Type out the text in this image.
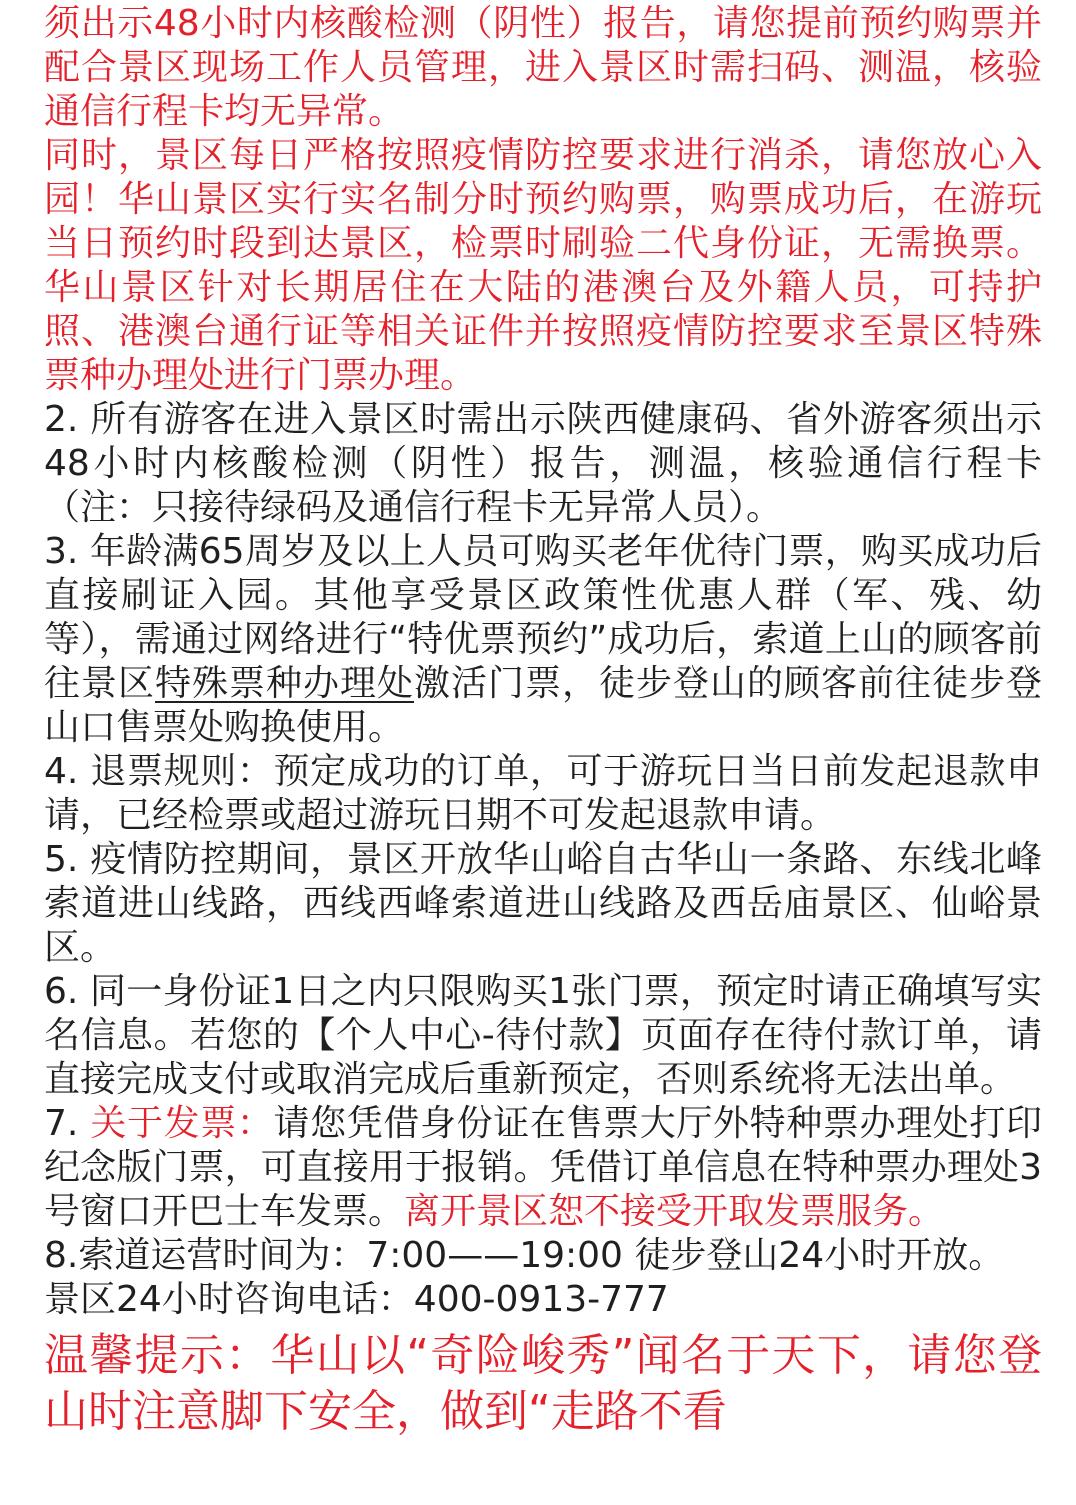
须出示48小时内核酸检测（阴性）报告，请您提前预约购票并配合景区现场工作人员管理，进入景区时需扫码、测温，核验通信行程卡均无异常。

同时，景区每日严格按照疫情防控要求进行消杀，请您放心入园！华山景区实行实名制分时预约购票，购票成功后，在游玩当日预约时段到达景区，检票时刷验二代身份证，无需换票。华山景区针对长期居住在大陆的港澳台及外籍人员，可持护照、港澳台通行证等相关证件并按照疫情防控要求至景区特殊票种办理处进行门票办理。

2. 所有游客在进入景区时需出示陕西健康码、省外游客须出示48小时内核酸检测（阴性）报告，测温，核验通信行程卡（注：只接待绿码及通信行程卡无异常人员）。

3. 年龄满65周岁及以上人员可购买老年优待门票，购买成功后直接刷证入园。其他享受景区政策性优惠人群（军、残、幼等），需通过网络进行“特优票预约”成功后，索道上山的顾客前往景区特殊票种办理处激活门票，徒步登山的顾客前往徒步登山口售票处购换使用。

4. 退票规则：预定成功的订单，可于游玩日当日前发起退款申请，已经检票或超过游玩日期不可发起退款申请。

5. 疫情防控期间，景区开放华山峪自古华山一条路、东线北峰索道进山线路，西线西峰索道进山线路及西岳庙景区、仙峪景区。

6. 同一身份证1日之内只限购买1张门票，预定时请正确填写实名信息。若您的【个人中心-待付款】页面存在待付款订单，请直接完成支付或取消完成后重新预定，否则系统将无法出单。

7. 关于发票：请您凭借身份证在售票大厅外特种票办理处打印纪念版门票，可直接用于报销。凭借订单信息在特种票办理处3号窗口开巴士车发票。离开景区恕不接受开取发票服务。

8.索道运营时间为：7:00——19:00 徒步登山24小时开放。

景区24小时咨询电话：400-0913-777

温馨提示：华山以“奇险峻秀”闻名于天下，请您登山时注意脚下安全，做到“走路不看
